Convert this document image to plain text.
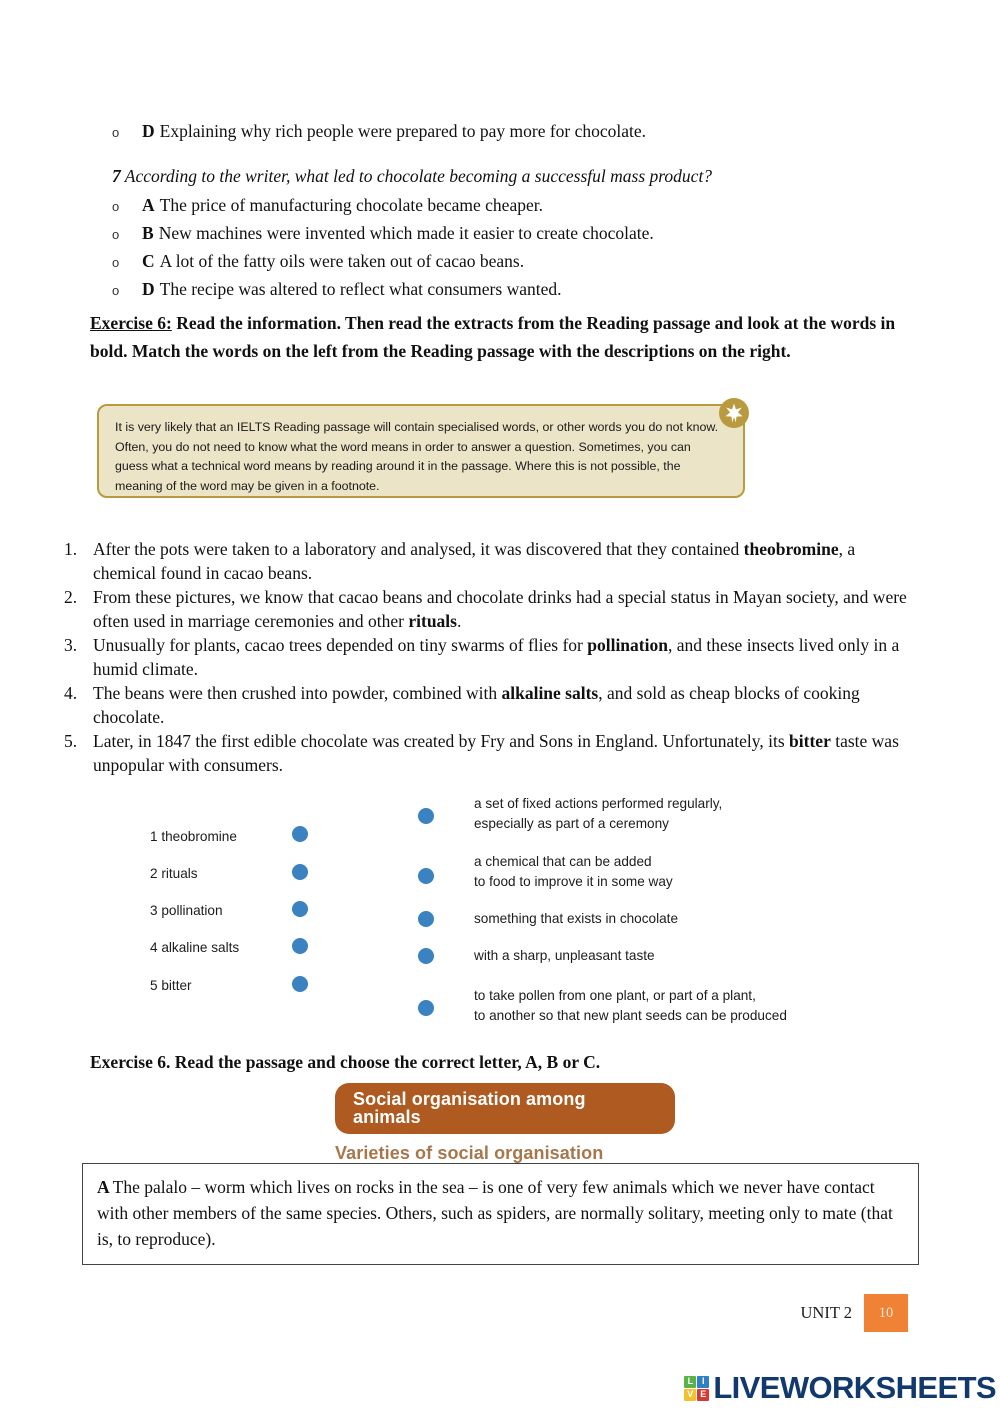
o	D Explaining why rich people were prepared to pay more for chocolate.
7 According to the writer, what led to chocolate becoming a successful mass product?
o	A The price of manufacturing chocolate became cheaper.
o	B New machines were invented which made it easier to create chocolate.
o	C A lot of the fatty oils were taken out of cacao beans.
o	D The recipe was altered to reflect what consumers wanted.
Exercise 6: Read the information. Then read the extracts from the Reading passage and look at the words in bold. Match the words on the left from the Reading passage with the descriptions on the right.
It is very likely that an IELTS Reading passage will contain specialised words, or other words you do not know. Often, you do not need to know what the word means in order to answer a question. Sometimes, you can guess what a technical word means by reading around it in the passage. Where this is not possible, the meaning of the word may be given in a footnote.
1. After the pots were taken to a laboratory and analysed, it was discovered that they contained theobromine, a chemical found in cacao beans.
2. From these pictures, we know that cacao beans and chocolate drinks had a special status in Mayan society, and were often used in marriage ceremonies and other rituals.
3. Unusually for plants, cacao trees depended on tiny swarms of flies for pollination, and these insects lived only in a humid climate.
4. The beans were then crushed into powder, combined with alkaline salts, and sold as cheap blocks of cooking chocolate.
5. Later, in 1847 the first edible chocolate was created by Fry and Sons in England. Unfortunately, its bitter taste was unpopular with consumers.
1 theobromine
2 rituals
3 pollination
4 alkaline salts
5 bitter
a set of fixed actions performed regularly,
especially as part of a ceremony
a chemical that can be added
to food to improve it in some way
something that exists in chocolate
with a sharp, unpleasant taste
to take pollen from one plant, or part of a plant,
to another so that new plant seeds can be produced
Exercise 6. Read the passage and choose the correct letter, A, B or C.
Social organisation among animals
Varieties of social organisation
A The palalo – worm which lives on rocks in the sea – is one of very few animals which we never have contact with other members of the same species. Others, such as spiders, are normally solitary, meeting only to mate (that is, to reproduce).
UNIT 2	10
L I
V E LIVEWORKSHEETS
